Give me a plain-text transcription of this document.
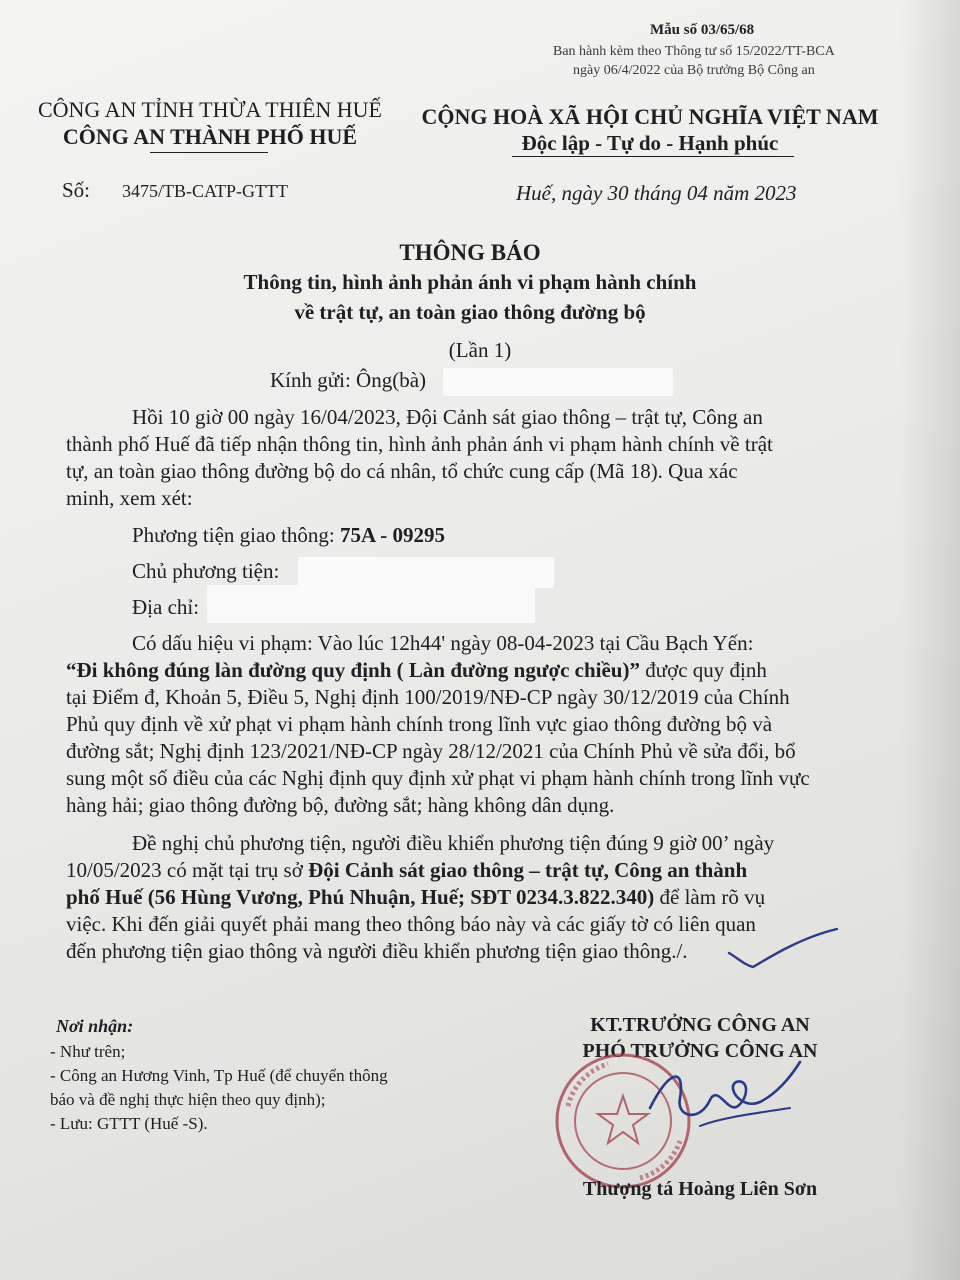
Mẫu số 03/65/68
Ban hành kèm theo Thông tư số 15/2022/TT-BCA
ngày 06/4/2022 của Bộ trưởng Bộ Công an
CÔNG AN TỈNH THỪA THIÊN HUẾ
CÔNG AN THÀNH PHỐ HUẾ
Số: 3475/TB-CATP-GTTT
CỘNG HOÀ XÃ HỘI CHỦ NGHĨA VIỆT NAM
Độc lập - Tự do - Hạnh phúc
Huế, ngày 30 tháng 04 năm 2023
THÔNG BÁO
Thông tin, hình ảnh phản ánh vi phạm hành chính
về trật tự, an toàn giao thông đường bộ
(Lần 1)
Kính gửi: Ông(bà)
Hồi 10 giờ 00 ngày 16/04/2023, Đội Cảnh sát giao thông – trật tự, Công an
thành phố Huế đã tiếp nhận thông tin, hình ảnh phản ánh vi phạm hành chính về trật
tự, an toàn giao thông đường bộ do cá nhân, tổ chức cung cấp (Mã 18). Qua xác
minh, xem xét:
Phương tiện giao thông: 75A - 09295
Chủ phương tiện:
Địa chỉ:
Có dấu hiệu vi phạm: Vào lúc 12h44' ngày 08-04-2023 tại Cầu Bạch Yến:
“Đi không đúng làn đường quy định ( Làn đường ngược chiều)” được quy định
tại Điểm đ, Khoản 5, Điều 5, Nghị định 100/2019/NĐ-CP ngày 30/12/2019 của Chính
Phủ quy định về xử phạt vi phạm hành chính trong lĩnh vực giao thông đường bộ và
đường sắt; Nghị định 123/2021/NĐ-CP ngày 28/12/2021 của Chính Phủ về sửa đổi, bổ
sung một số điều của các Nghị định quy định xử phạt vi phạm hành chính trong lĩnh vực
hàng hải; giao thông đường bộ, đường sắt; hàng không dân dụng.
Đề nghị chủ phương tiện, người điều khiển phương tiện đúng 9 giờ 00’ ngày
10/05/2023 có mặt tại trụ sở Đội Cảnh sát giao thông – trật tự, Công an thành
phố Huế (56 Hùng Vương, Phú Nhuận, Huế; SĐT 0234.3.822.340) để làm rõ vụ
việc. Khi đến giải quyết phải mang theo thông báo này và các giấy tờ có liên quan
đến phương tiện giao thông và người điều khiển phương tiện giao thông./.
Nơi nhận:
- Như trên;
- Công an Hương Vinh, Tp Huế (để chuyển thông
báo và đề nghị thực hiện theo quy định);
- Lưu: GTTT (Huế -S).
KT.TRƯỞNG CÔNG AN
PHÓ TRƯỞNG CÔNG AN
Thượng tá Hoàng Liên Sơn
